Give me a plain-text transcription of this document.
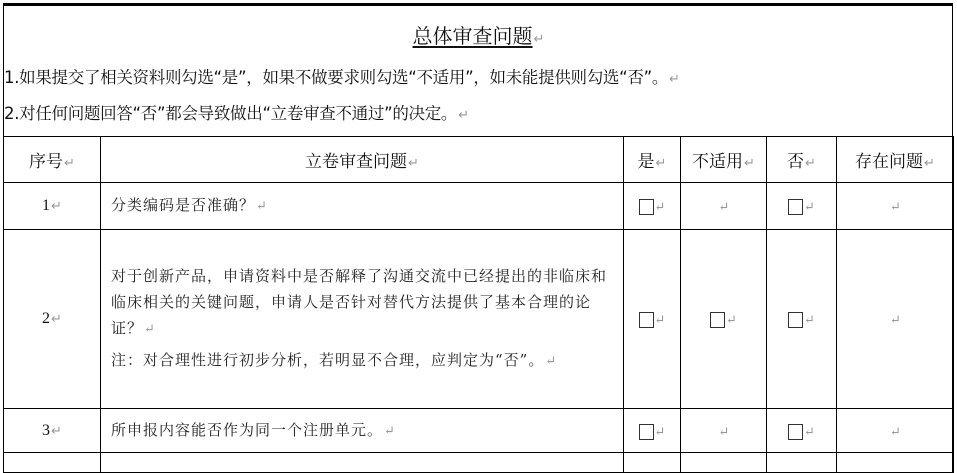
总体审查问题↵
1.如果提交了相关资料则勾选“是”，如果不做要求则勾选“不适用”，如未能提供则勾选“否”。↵
2.对任何问题回答“否”都会导致做出“立卷审查不通过”的决定。↵
序号↵	立卷审查问题↵	是↵	不适用↵	否↵	存在问题↵
1↵	分类编码是否准确？↵	↵	↵	↵	↵
2↵	对于创新产品，申请资料中是否解释了沟通交流中已经提出的非临床和临床相关的关键问题，申请人是否针对替代方法提供了基本合理的论证？↵
注：对合理性进行初步分析，若明显不合理，应判定为“否”。↵	↵	↵	↵	↵
3↵	所申报内容能否作为同一个注册单元。↵	↵	↵	↵	↵
